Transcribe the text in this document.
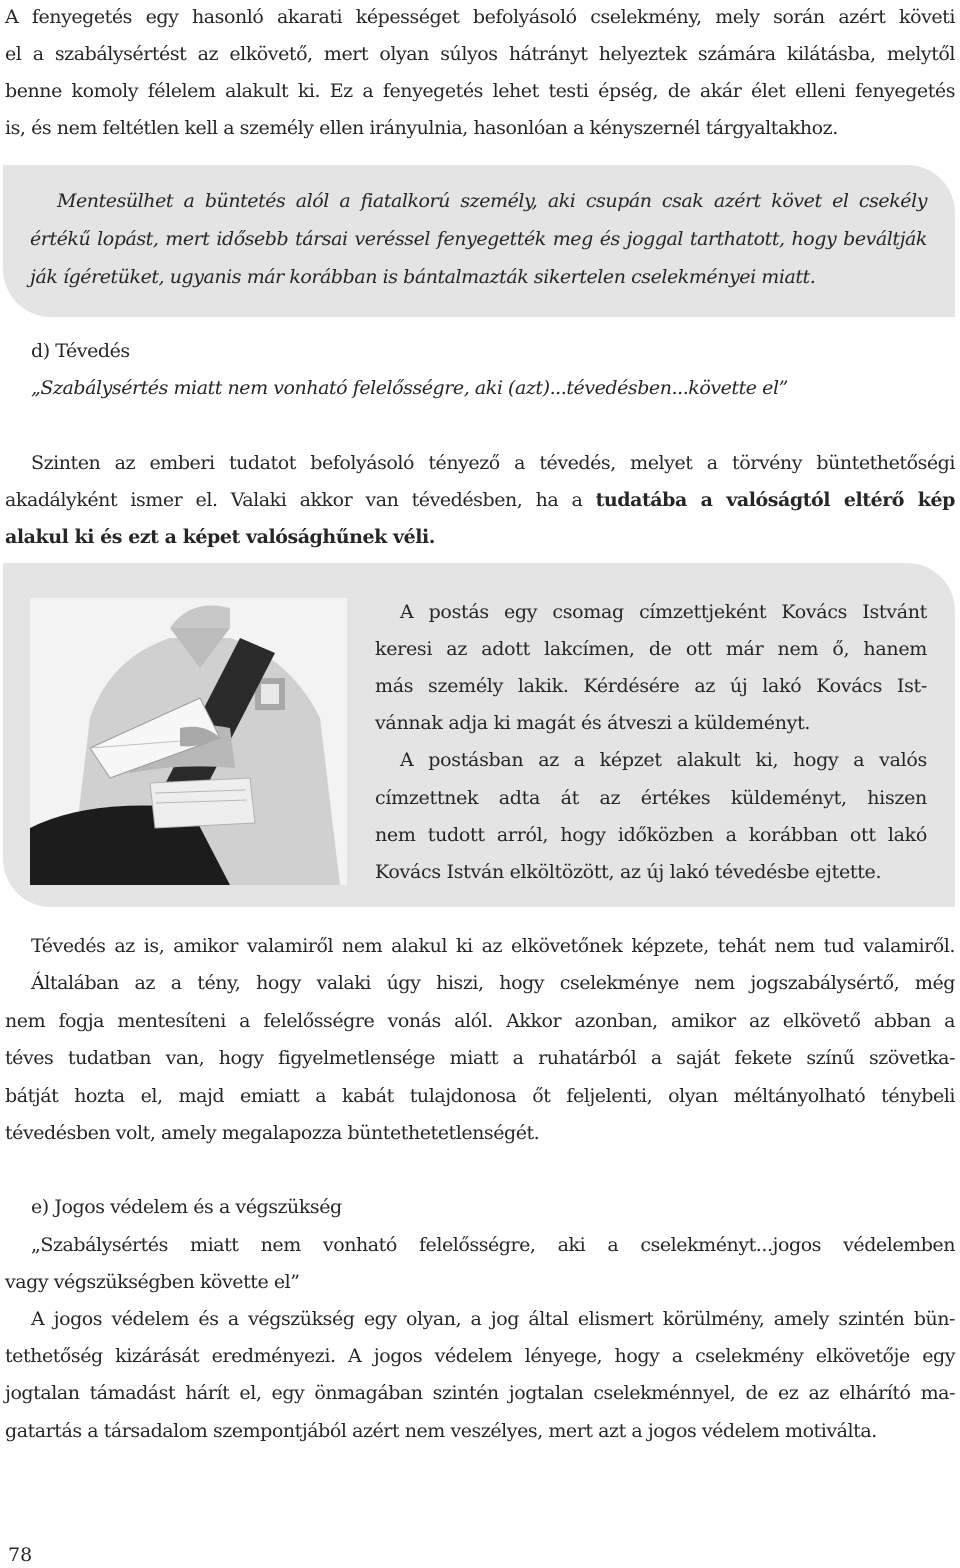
A fenyegetés egy hasonló akarati képességet befolyásoló cselekmény, mely során azért követi
el a szabálysértést az elkövető, mert olyan súlyos hátrányt helyeztek számára kilátásba, melytől
benne komoly félelem alakult ki. Ez a fenyegetés lehet testi épség, de akár élet elleni fenyegetés
is, és nem feltétlen kell a személy ellen irányulnia, hasonlóan a kényszernél tárgyaltakhoz.
Mentesülhet a büntetés alól a fiatalkorú személy, aki csupán csak azért követ el csekély
értékű lopást, mert idősebb társai veréssel fenyegették meg és joggal tarthatott, hogy beváltják
ják ígéretüket, ugyanis már korábban is bántalmazták sikertelen cselekményei miatt.
d) Tévedés
„Szabálysértés miatt nem vonható felelősségre, aki (azt)...tévedésben...követte el”
Szinten az emberi tudatot befolyásoló tényező a tévedés, melyet a törvény büntethetőségi
akadályként ismer el. Valaki akkor van tévedésben, ha a tudatába a valóságtól eltérő kép
alakul ki és ezt a képet valósághűnek véli.
A postás egy csomag címzettjeként Kovács Istvánt
keresi az adott lakcímen, de ott már nem ő, hanem
más személy lakik. Kérdésére az új lakó Kovács Ist-
vánnak adja ki magát és átveszi a küldeményt.
A postásban az a képzet alakult ki, hogy a valós
címzettnek adta át az értékes küldeményt, hiszen
nem tudott arról, hogy időközben a korábban ott lakó
Kovács István elköltözött, az új lakó tévedésbe ejtette.
Tévedés az is, amikor valamiről nem alakul ki az elkövetőnek képzete, tehát nem tud valamiről.
Általában az a tény, hogy valaki úgy hiszi, hogy cselekménye nem jogszabálysértő, még
nem fogja mentesíteni a felelősségre vonás alól. Akkor azonban, amikor az elkövető abban a
téves tudatban van, hogy figyelmetlensége miatt a ruhatárból a saját fekete színű szövetka-
bátját hozta el, majd emiatt a kabát tulajdonosa őt feljelenti, olyan méltányolható ténybeli
tévedésben volt, amely megalapozza büntethetetlenségét.
e) Jogos védelem és a végszükség
„Szabálysértés miatt nem vonható felelősségre, aki a cselekményt...jogos védelemben
vagy végszükségben követte el”
A jogos védelem és a végszükség egy olyan, a jog által elismert körülmény, amely szintén bün-
tethetőség kizárását eredményezi. A jogos védelem lényege, hogy a cselekmény elkövetője egy
jogtalan támadást hárít el, egy önmagában szintén jogtalan cselekménnyel, de ez az elhárító ma-
gatartás a társadalom szempontjából azért nem veszélyes, mert azt a jogos védelem motiválta.
78
